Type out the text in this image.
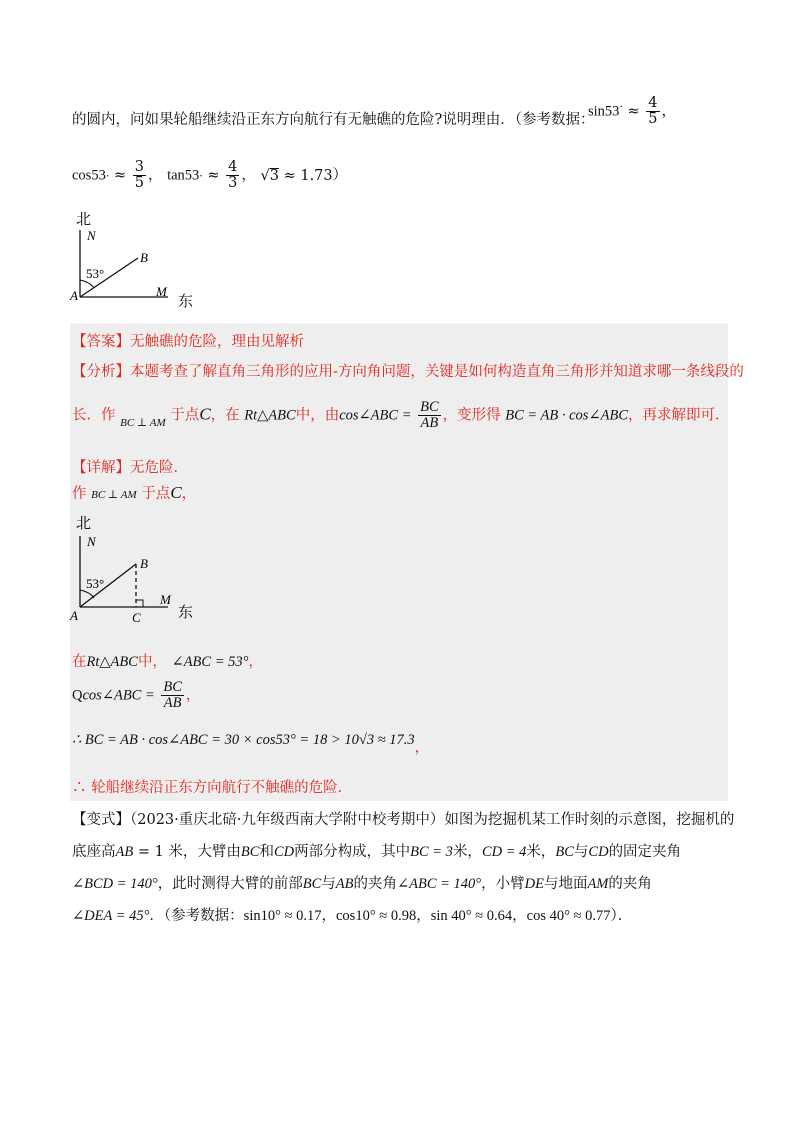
的圆内，问如果轮船继续沿正东方向航行有无触礁的危险?说明理由．（参考数据：
$\sin 53^\cdot \approx \frac{4}{5}$ ，
$\cos 53\cdot \approx \frac{3}{5}$ ， $\tan 53\cdot \approx \frac{4}{3}$ ， √3 ≈ 1.73）
北
N
B
53°
M
A	东
【答案】无触礁的危险，理由见解析
【分析】本题考查了解直角三角形的应用-方向角问题，关键是如何构造直角三角形并知道求哪一条线段的
长．作 $_{BC \perp AM}$ 于点C，在 Rt△ABC中，由cos∠ABC = $\frac{BC}{AB}$ ，变形得 BC = AB · cos∠ABC，再求解即可．
【详解】无危险．
作 BC ⊥ AM 于点C，
北
N
B
53°
M
A	C 东
在Rt△ABC中， ∠ABC = 53°，
Qcos∠ABC = $\frac{BC}{AB}$ ，
∴ BC = AB · cos∠ABC = 30 × cos53° = 18 > 10√3 ≈ 17.3，
∴ 轮船继续沿正东方向航行不触礁的危险．
【变式】（2023·重庆北碚·九年级西南大学附中校考期中）如图为挖掘机某工作时刻的示意图，挖掘机的
底座高AB = 1 米，大臂由BC和CD两部分构成，其中BC = 3米，CD = 4米，BC与CD的固定夹角
∠BCD = 140°，此时测得大臂的前部BC与AB的夹角∠ABC = 140°，小臂DE与地面AM的夹角
∠DEA = 45°．（参考数据：sin10° ≈ 0.17，cos10° ≈ 0.98，sin 40° ≈ 0.64，cos 40° ≈ 0.77）．
